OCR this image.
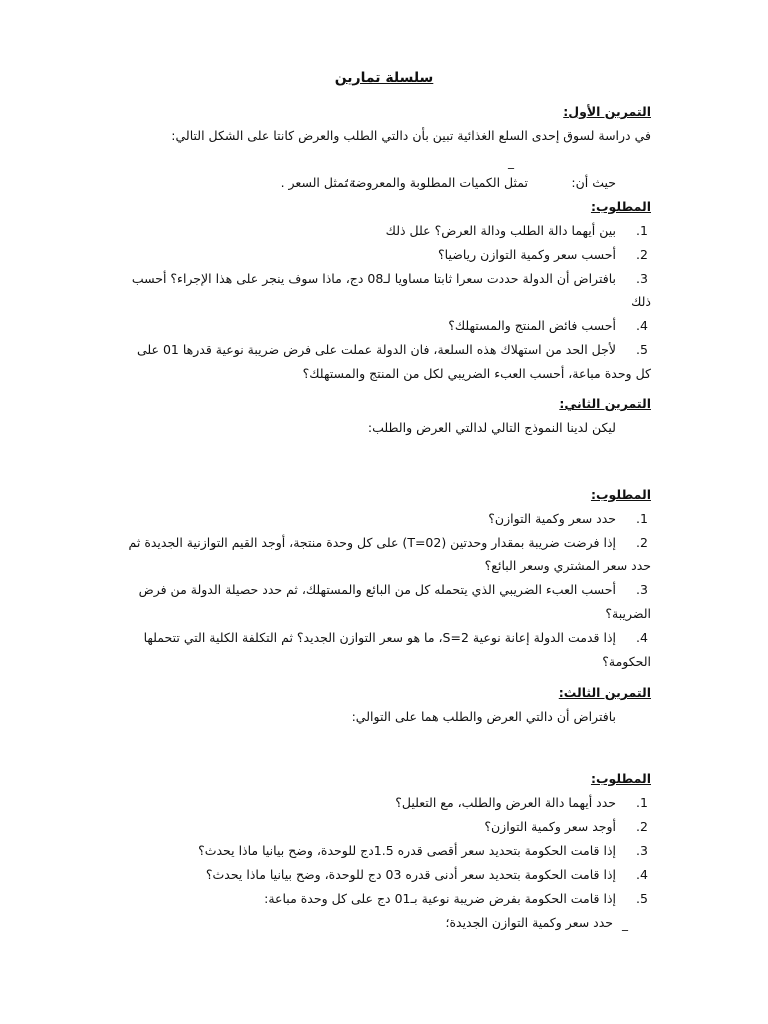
سلسلة تمارين
التمرين الأول:
في دراسة لسوق إحدى السلع الغذائية تبين بأن دالتي الطلب والعرض كانتا على الشكل التالي:
_
حيث أن:
تمثل الكميات المطلوبة والمعروضة؛
: تمثل السعر .
المطلوب:
.1
بين أيهما دالة الطلب ودالة العرض؟ علل ذلك
.2
أحسب سعر وكمية التوازن رياضيا؟
.3
بافتراض أن الدولة حددت سعرا ثابتا مساويا لـ08 دج، ماذا سوف ينجر على هذا الإجراء؟ أحسب
ذلك
.4
أحسب فائض المنتج والمستهلك؟
.5
لأجل الحد من استهلاك هذه السلعة، فان الدولة عملت على فرض ضريبة نوعية قدرها 01 على
كل وحدة مباعة، أحسب العبء الضريبي لكل من المنتج والمستهلك؟
التمرين الثاني:
ليكن لدينا النموذج التالي لدالتي العرض والطلب:
المطلوب:
.1
حدد سعر وكمية التوازن؟
.2
إذا فرضت ضريبة بمقدار وحدتين (T=02) على كل وحدة منتجة، أوجد القيم التوازنية الجديدة ثم
حدد سعر المشتري وسعر البائع؟
.3
أحسب العبء الضريبي الذي يتحمله كل من البائع والمستهلك، ثم حدد حصيلة الدولة من فرض
الضريبة؟
.4
إذا قدمت الدولة إعانة نوعية S=2، ما هو سعر التوازن الجديد؟ ثم التكلفة الكلية التي تتحملها
الحكومة؟
التمرين الثالث:
بافتراض أن دالتي العرض والطلب هما على التوالي:
المطلوب:
.1
حدد أيهما دالة العرض والطلب، مع التعليل؟
.2
أوجد سعر وكمية التوازن؟
.3
إذا قامت الحكومة بتحديد سعر أقصى قدره 1.5دج للوحدة، وضح بيانيا ماذا يحدث؟
.4
إذا قامت الحكومة بتحديد سعر أدنى قدره 03 دج للوحدة، وضح بيانيا ماذا يحدث؟
.5
إذا قامت الحكومة بفرض ضريبة نوعية بـ01 دج على كل وحدة مباعة:
_
حدد سعر وكمية التوازن الجديدة؛
